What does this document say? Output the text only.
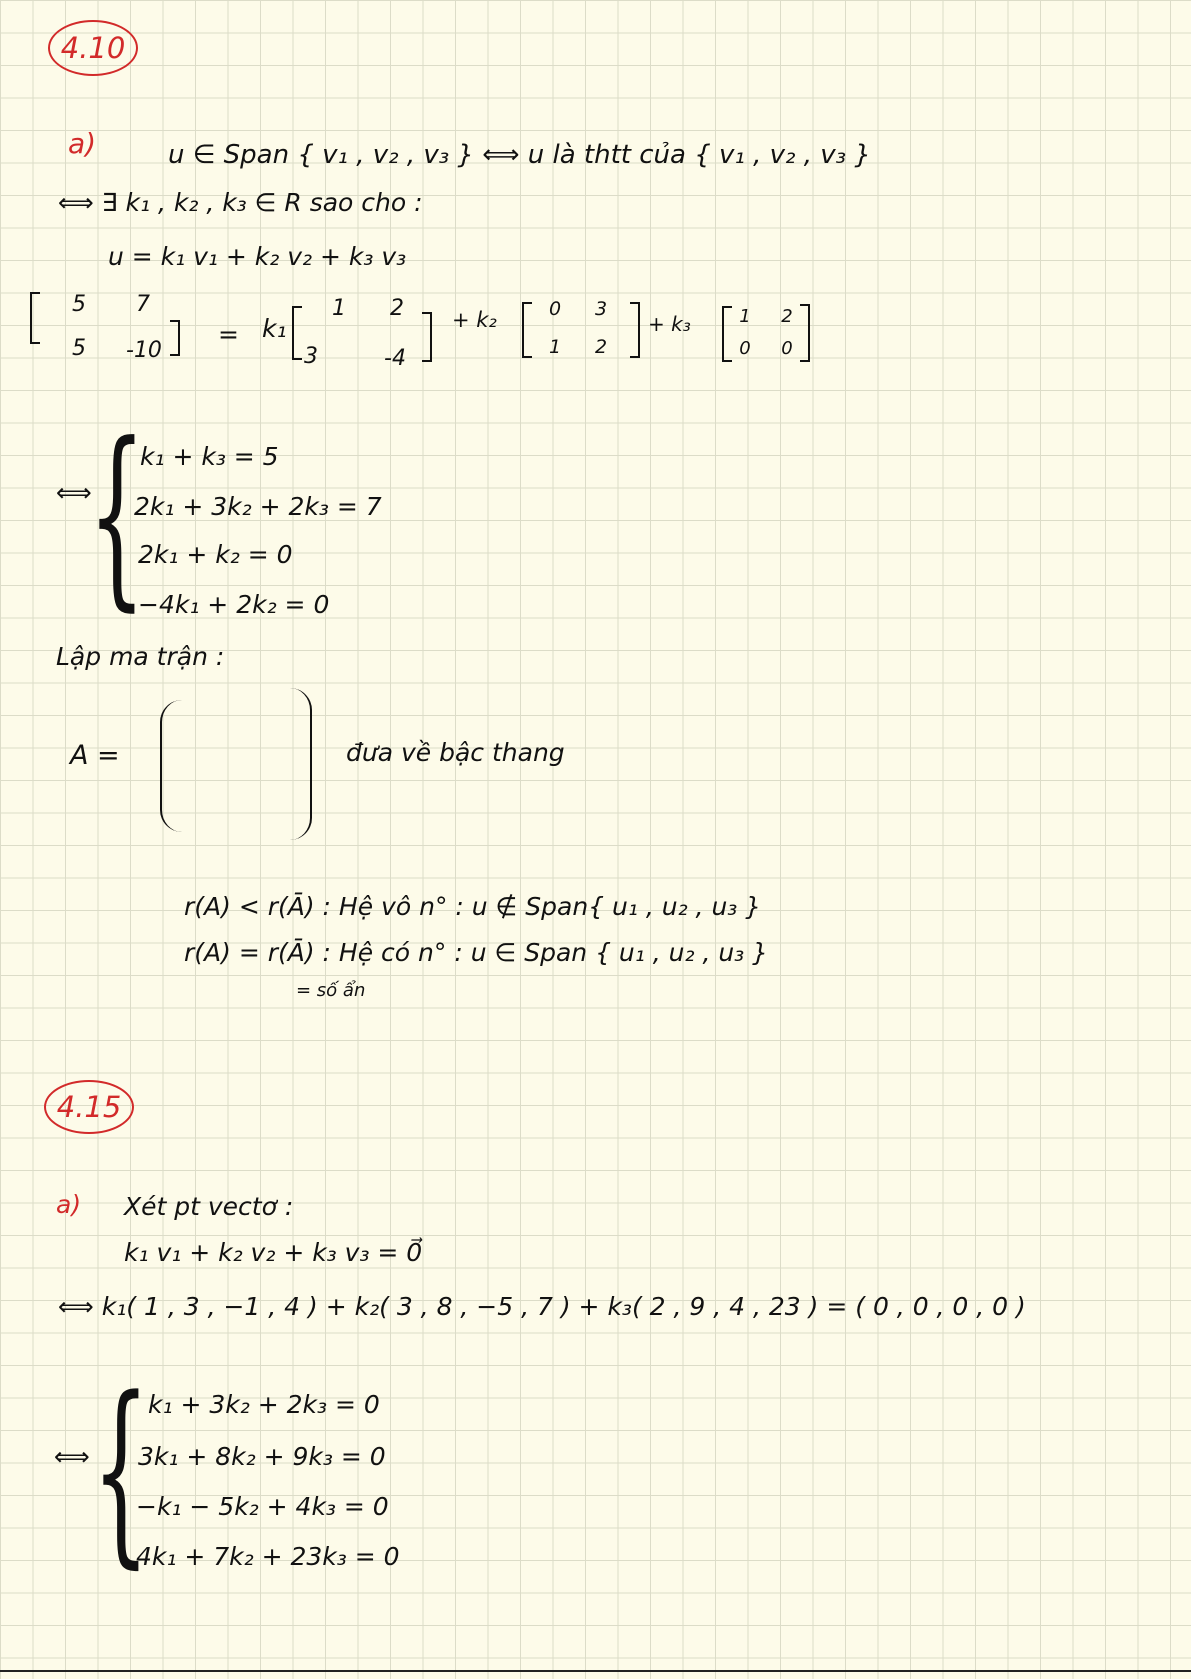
4.10
a)	u ∈ Span { v₁ , v₂ , v₃ } ⟺ u là thtt của { v₁ , v₂ , v₃ }
⟺ ∃ k₁ , k₂ , k₃ ∈ R sao cho :
u = k₁ v₁ + k₂ v₂ + k₃ v₃
5	7
5	-10
= k₁
1	2
3	-4
+ k₂	0	3
1	2
+ k₃	1	2
0	0
⟺
{
k₁ + k₃ = 5
2k₁ + 3k₂ + 2k₃ = 7
2k₁ + k₂ = 0
−4k₁ + 2k₂ = 0
Lập ma trận :
A =	đưa về bậc thang
r(A) < r(Ā) : Hệ vô n° : u ∉ Span{ u₁ , u₂ , u₃ }
r(A) = r(Ā) : Hệ có n° : u ∈ Span { u₁ , u₂ , u₃ }
= số ẩn
4.15
a) Xét pt vectơ :
k₁ v₁ + k₂ v₂ + k₃ v₃ = 0⃗
⟺ k₁( 1 , 3 , −1 , 4 ) + k₂( 3 , 8 , −5 , 7 ) + k₃( 2 , 9 , 4 , 23 ) = ( 0 , 0 , 0 , 0 )
⟺ {
k₁ + 3k₂ + 2k₃ = 0
3k₁ + 8k₂ + 9k₃ = 0
−k₁ − 5k₂ + 4k₃ = 0
4k₁ + 7k₂ + 23k₃ = 0
